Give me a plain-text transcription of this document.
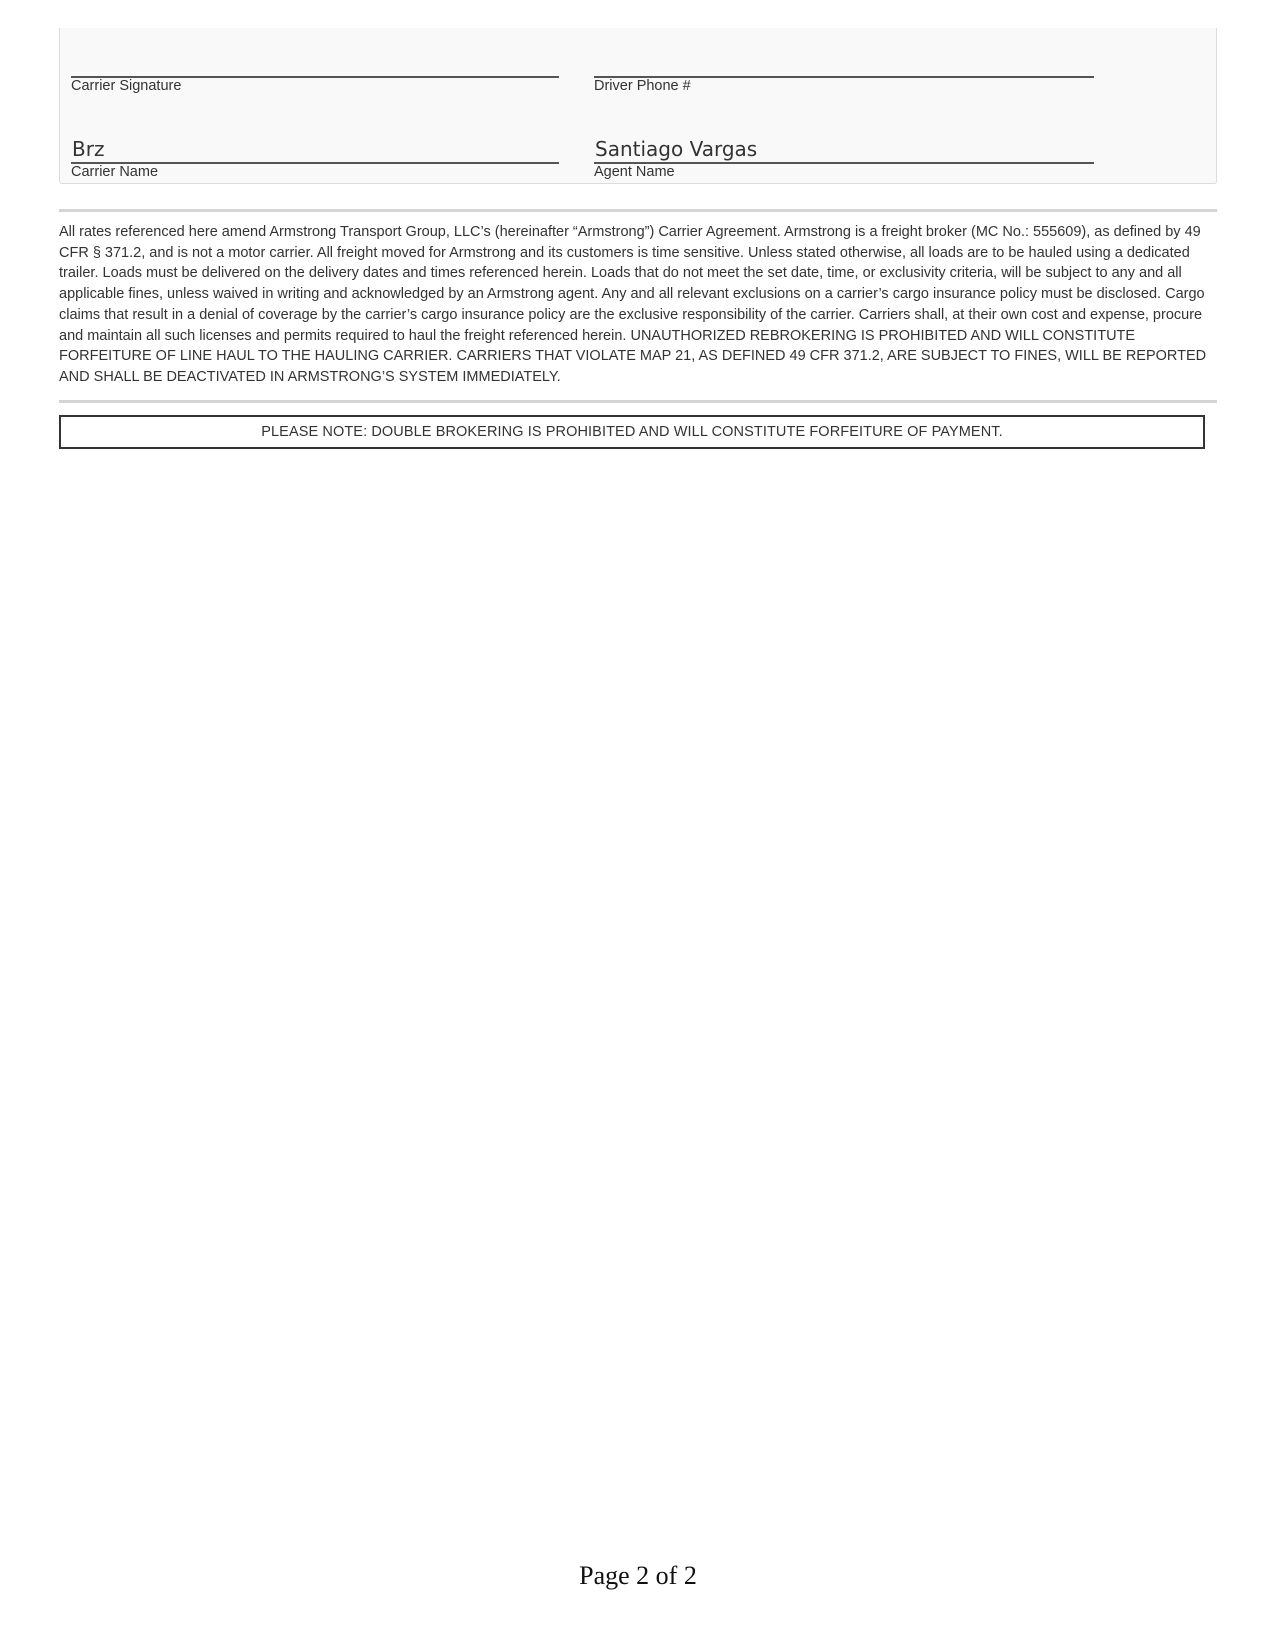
Carrier Signature	Driver Phone #
Brz
Carrier Name
Santiago Vargas
Agent Name

All rates referenced here amend Armstrong Transport Group, LLC’s (hereinafter “Armstrong”) Carrier Agreement. Armstrong is a freight broker (MC No.: 555609), as defined by 49 CFR § 371.2, and is not a motor carrier. All freight moved for Armstrong and its customers is time sensitive. Unless stated otherwise, all loads are to be hauled using a dedicated trailer. Loads must be delivered on the delivery dates and times referenced herein. Loads that do not meet the set date, time, or exclusivity criteria, will be subject to any and all applicable fines, unless waived in writing and acknowledged by an Armstrong agent. Any and all relevant exclusions on a carrier’s cargo insurance policy must be disclosed. Cargo claims that result in a denial of coverage by the carrier’s cargo insurance policy are the exclusive responsibility of the carrier. Carriers shall, at their own cost and expense, procure and maintain all such licenses and permits required to haul the freight referenced herein. UNAUTHORIZED REBROKERING IS PROHIBITED AND WILL CONSTITUTE FORFEITURE OF LINE HAUL TO THE HAULING CARRIER. CARRIERS THAT VIOLATE MAP 21, AS DEFINED 49 CFR 371.2, ARE SUBJECT TO FINES, WILL BE REPORTED AND SHALL BE DEACTIVATED IN ARMSTRONG’S SYSTEM IMMEDIATELY.

PLEASE NOTE: DOUBLE BROKERING IS PROHIBITED AND WILL CONSTITUTE FORFEITURE OF PAYMENT.
Page 2 of 2
